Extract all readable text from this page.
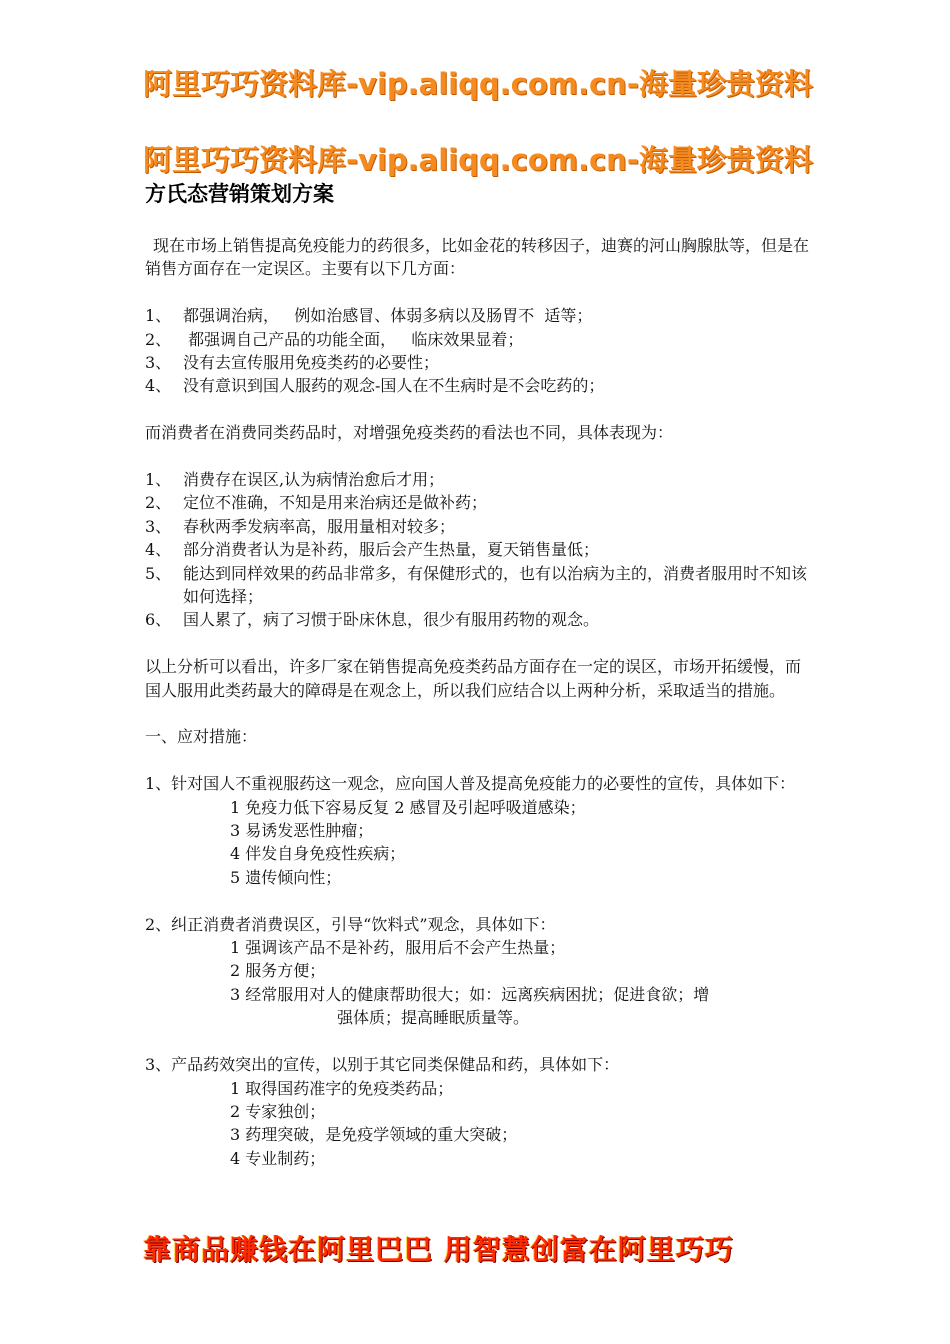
阿里巧巧资料库-vip.aliqq.com.cn-海量珍贵资料
阿里巧巧资料库-vip.aliqq.com.cn-海量珍贵资料
方氏态营销策划方案

现在市场上销售提高免疫能力的药很多，比如金花的转移因子，迪赛的河山胸腺肽等，但是在销售方面存在一定误区。主要有以下几方面：

1、 都强调治病，   例如治感冒、体弱多病以及肠胃不  适等；
2、 都强调自己产品的功能全面，   临床效果显着；
3、 没有去宣传服用免疫类药的必要性；
4、 没有意识到国人服药的观念-国人在不生病时是不会吃药的；

而消费者在消费同类药品时，对增强免疫类药的看法也不同，具体表现为：

1、 消费存在误区,认为病情治愈后才用；
2、 定位不准确，不知是用来治病还是做补药；
3、 春秋两季发病率高，服用量相对较多；
4、 部分消费者认为是补药，服后会产生热量，夏天销售量低；
5、 能达到同样效果的药品非常多，有保健形式的，也有以治病为主的，消费者服用时不知该如何选择；
6、 国人累了，病了习惯于卧床休息，很少有服用药物的观念。

以上分析可以看出，许多厂家在销售提高免疫类药品方面存在一定的误区，市场开拓缓慢，而国人服用此类药最大的障碍是在观念上，所以我们应结合以上两种分析，采取适当的措施。

一、应对措施：

1、针对国人不重视服药这一观念，应向国人普及提高免疫能力的必要性的宣传，具体如下：

1 免疫力低下容易反复 2 感冒及引起呼吸道感染；

3 易诱发恶性肿瘤；

4 伴发自身免疫性疾病；

5 遗传倾向性；

2、纠正消费者消费误区，引导“饮料式”观念，具体如下：

1 强调该产品不是补药，服用后不会产生热量；

2 服务方便；

3 经常服用对人的健康帮助很大；如：远离疾病困扰；促进食欲；增

强体质；提高睡眠质量等。

3、产品药效突出的宣传，以别于其它同类保健品和药，具体如下：

1 取得国药准字的免疫类药品；

2 专家独创；

3 药理突破，是免疫学领域的重大突破；

4 专业制药；

靠商品赚钱在阿里巴巴 用智慧创富在阿里巧巧
